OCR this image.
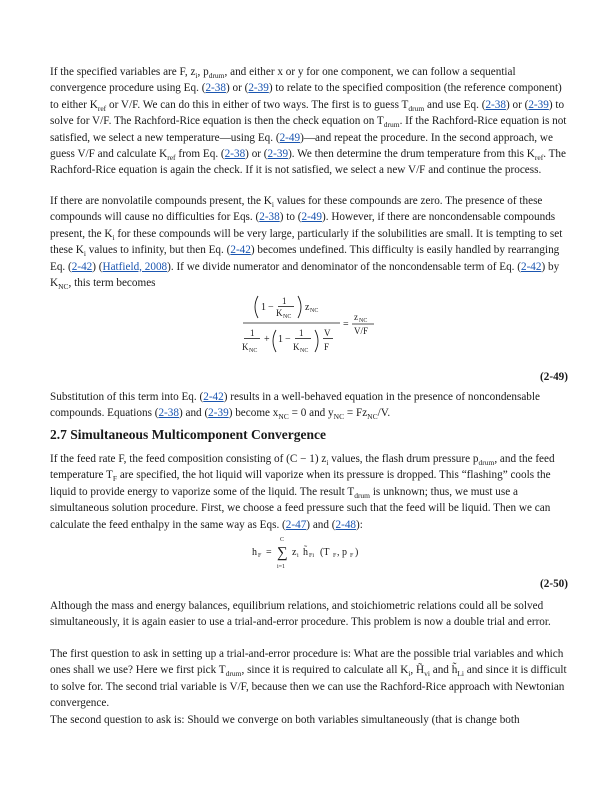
If the specified variables are F, $z_i$, $p_{drum}$, and either x or y for one component, we can follow a sequential convergence procedure using Eq. (2-38) or (2-39) to relate to the specified composition (the reference component) to either $K_{ref}$ or V/F. We can do this in either of two ways. The first is to guess $T_{drum}$ and use Eq. (2-38) or (2-39) to solve for V/F. The Rachford-Rice equation is then the check equation on $T_{drum}$. If the Rachford-Rice equation is not satisfied, we select a new temperature—using Eq. (2-49)—and repeat the procedure. In the second approach, we guess V/F and calculate $K_{ref}$ from Eq. (2-38) or (2-39). We then determine the drum temperature from this $K_{ref}$. The Rachford-Rice equation is again the check. If it is not satisfied, we select a new V/F and continue the process.

If there are nonvolatile compounds present, the $K_i$ values for these compounds are zero. The presence of these compounds will cause no difficulties for Eqs. (2-38) to (2-49). However, if there are noncondensable compounds present, the $K_i$ for these compounds will be very large, particularly if the solubilities are small. It is tempting to set these $K_i$ values to infinity, but then Eq. (2-42) becomes undefined. This difficulty is easily handled by rearranging Eq. (2-42) (Hatfield, 2008). If we divide numerator and denominator of the noncondensable term of Eq. (2-42) by $K_{NC}$, this term becomes

1 −
1
K NC
z NC
1
K NC
+ 1 −
1
K NC
V
F
=
z NC
V/F
(2-49)

Substitution of this term into Eq. (2-42) results in a well-behaved equation in the presence of noncondensable compounds. Equations (2-38) and (2-39) become $x_{NC} = 0$ and $y_{NC} = Fz_{NC}/V$.

2.7 Simultaneous Multicomponent Convergence

If the feed rate F, the feed composition consisting of (C − 1) $z_i$ values, the flash drum pressure $p_{drum}$, and the feed temperature $T_F$ are specified, the hot liquid will vaporize when its pressure is dropped. This “flashing” cools the liquid to provide energy to vaporize some of the liquid. The result $T_{drum}$ is unknown; thus, we must use a simultaneous solution procedure. First, we choose a feed pressure such that the feed will be liquid. Then we can calculate the feed enthalpy in the same way as Eqs. (2-47) and (2-48):

h F =
C
∑
i=1
z i h̃ Fi (T F , p F )
(2-50)

Although the mass and energy balances, equilibrium relations, and stoichiometric relations could all be solved simultaneously, it is again easier to use a trial-and-error procedure. This problem is now a double trial and error.

The first question to ask in setting up a trial-and-error procedure is: What are the possible trial variables and which ones shall we use? Here we first pick $T_{drum}$, since it is required to calculate all $K_i$, $H̃_{vi}$ and $h̃_{Li}$ and since it is difficult to solve for. The second trial variable is V/F, because then we can use the Rachford-Rice approach with Newtonian convergence.

The second question to ask is: Should we converge on both variables simultaneously (that is change both
